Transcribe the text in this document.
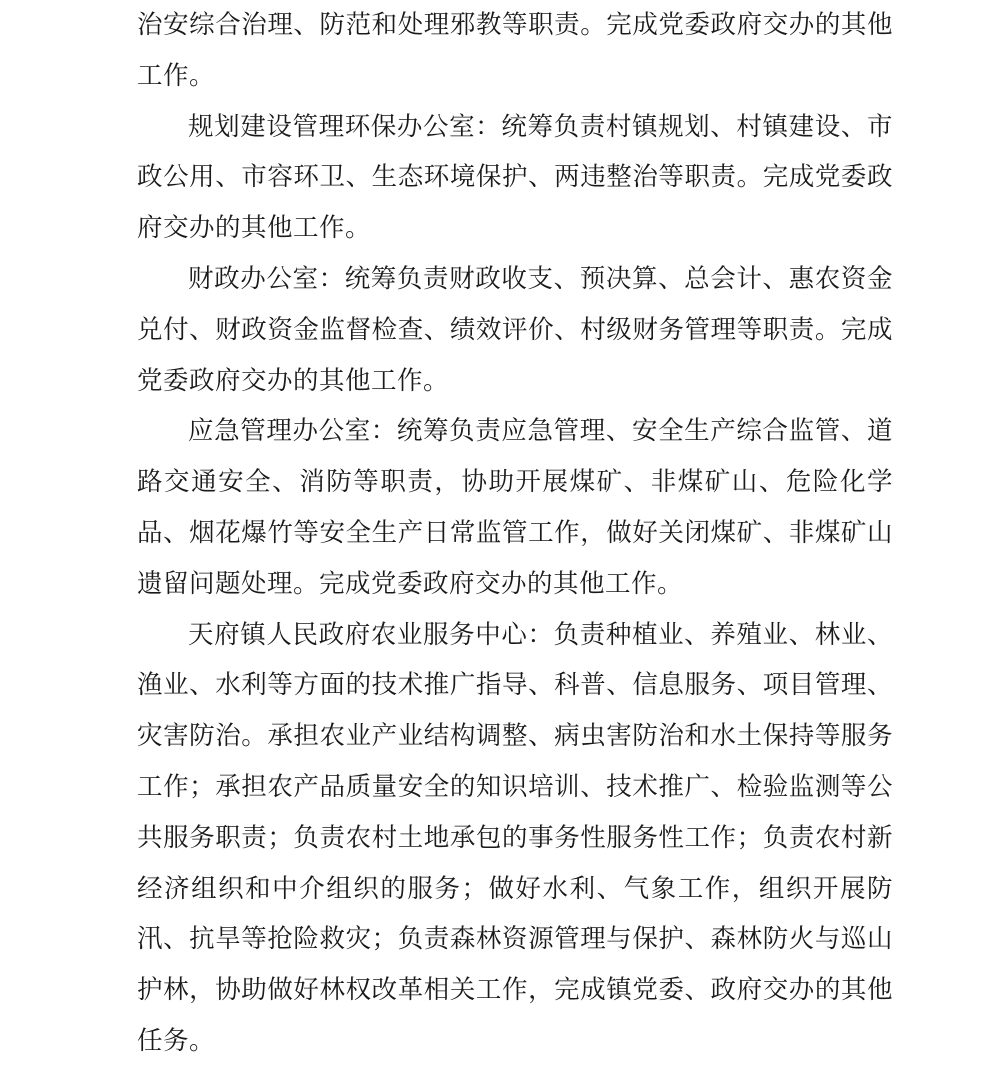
治安综合治理、防范和处理邪教等职责。完成党委政府交办的其他工作。

规划建设管理环保办公室：统筹负责村镇规划、村镇建设、市政公用、市容环卫、生态环境保护、两违整治等职责。完成党委政府交办的其他工作。

财政办公室：统筹负责财政收支、预决算、总会计、惠农资金兑付、财政资金监督检查、绩效评价、村级财务管理等职责。完成党委政府交办的其他工作。

应急管理办公室：统筹负责应急管理、安全生产综合监管、道路交通安全、消防等职责，协助开展煤矿、非煤矿山、危险化学品、烟花爆竹等安全生产日常监管工作，做好关闭煤矿、非煤矿山遗留问题处理。完成党委政府交办的其他工作。

天府镇人民政府农业服务中心：负责种植业、养殖业、林业、渔业、水利等方面的技术推广指导、科普、信息服务、项目管理、灾害防治。承担农业产业结构调整、病虫害防治和水土保持等服务工作；承担农产品质量安全的知识培训、技术推广、检验监测等公共服务职责；负责农村土地承包的事务性服务性工作；负责农村新经济组织和中介组织的服务；做好水利、气象工作，组织开展防汛、抗旱等抢险救灾；负责森林资源管理与保护、森林防火与巡山护林，协助做好林权改革相关工作，完成镇党委、政府交办的其他任务。
